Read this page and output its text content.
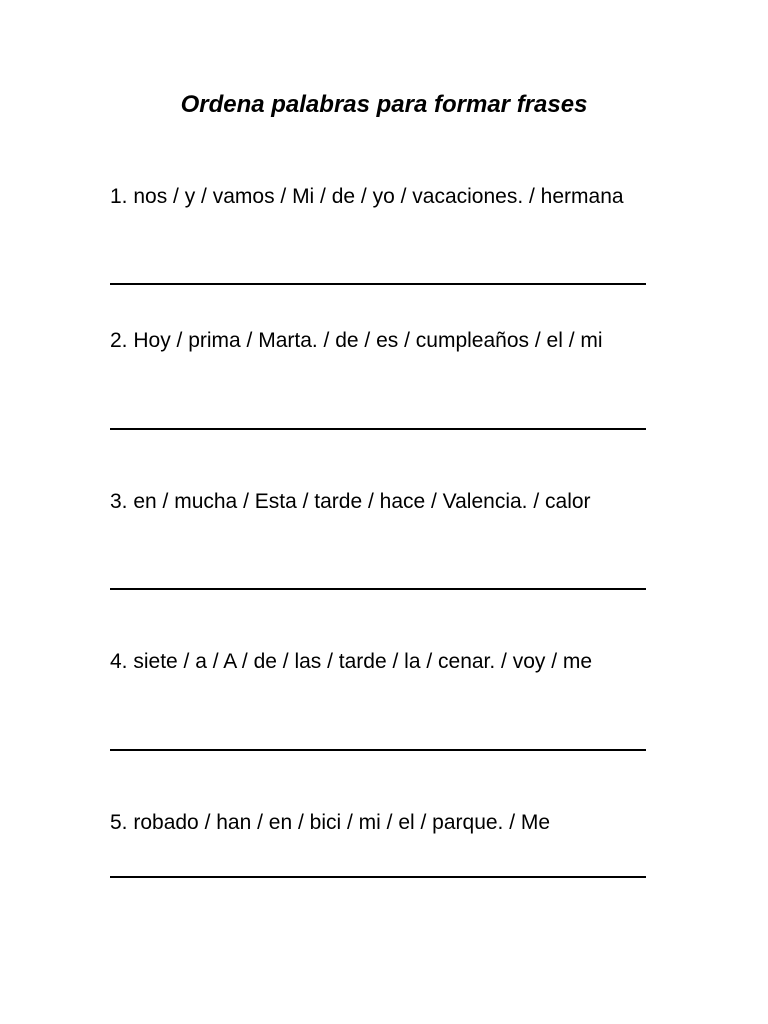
Ordena palabras para formar frases

1. nos / y / vamos / Mi / de / yo / vacaciones. / hermana

2. Hoy / prima / Marta. / de / es / cumpleaños / el / mi

3. en / mucha / Esta / tarde / hace / Valencia. / calor

4. siete / a / A / de / las / tarde / la / cenar. / voy / me

5. robado / han / en / bici / mi / el / parque. / Me
